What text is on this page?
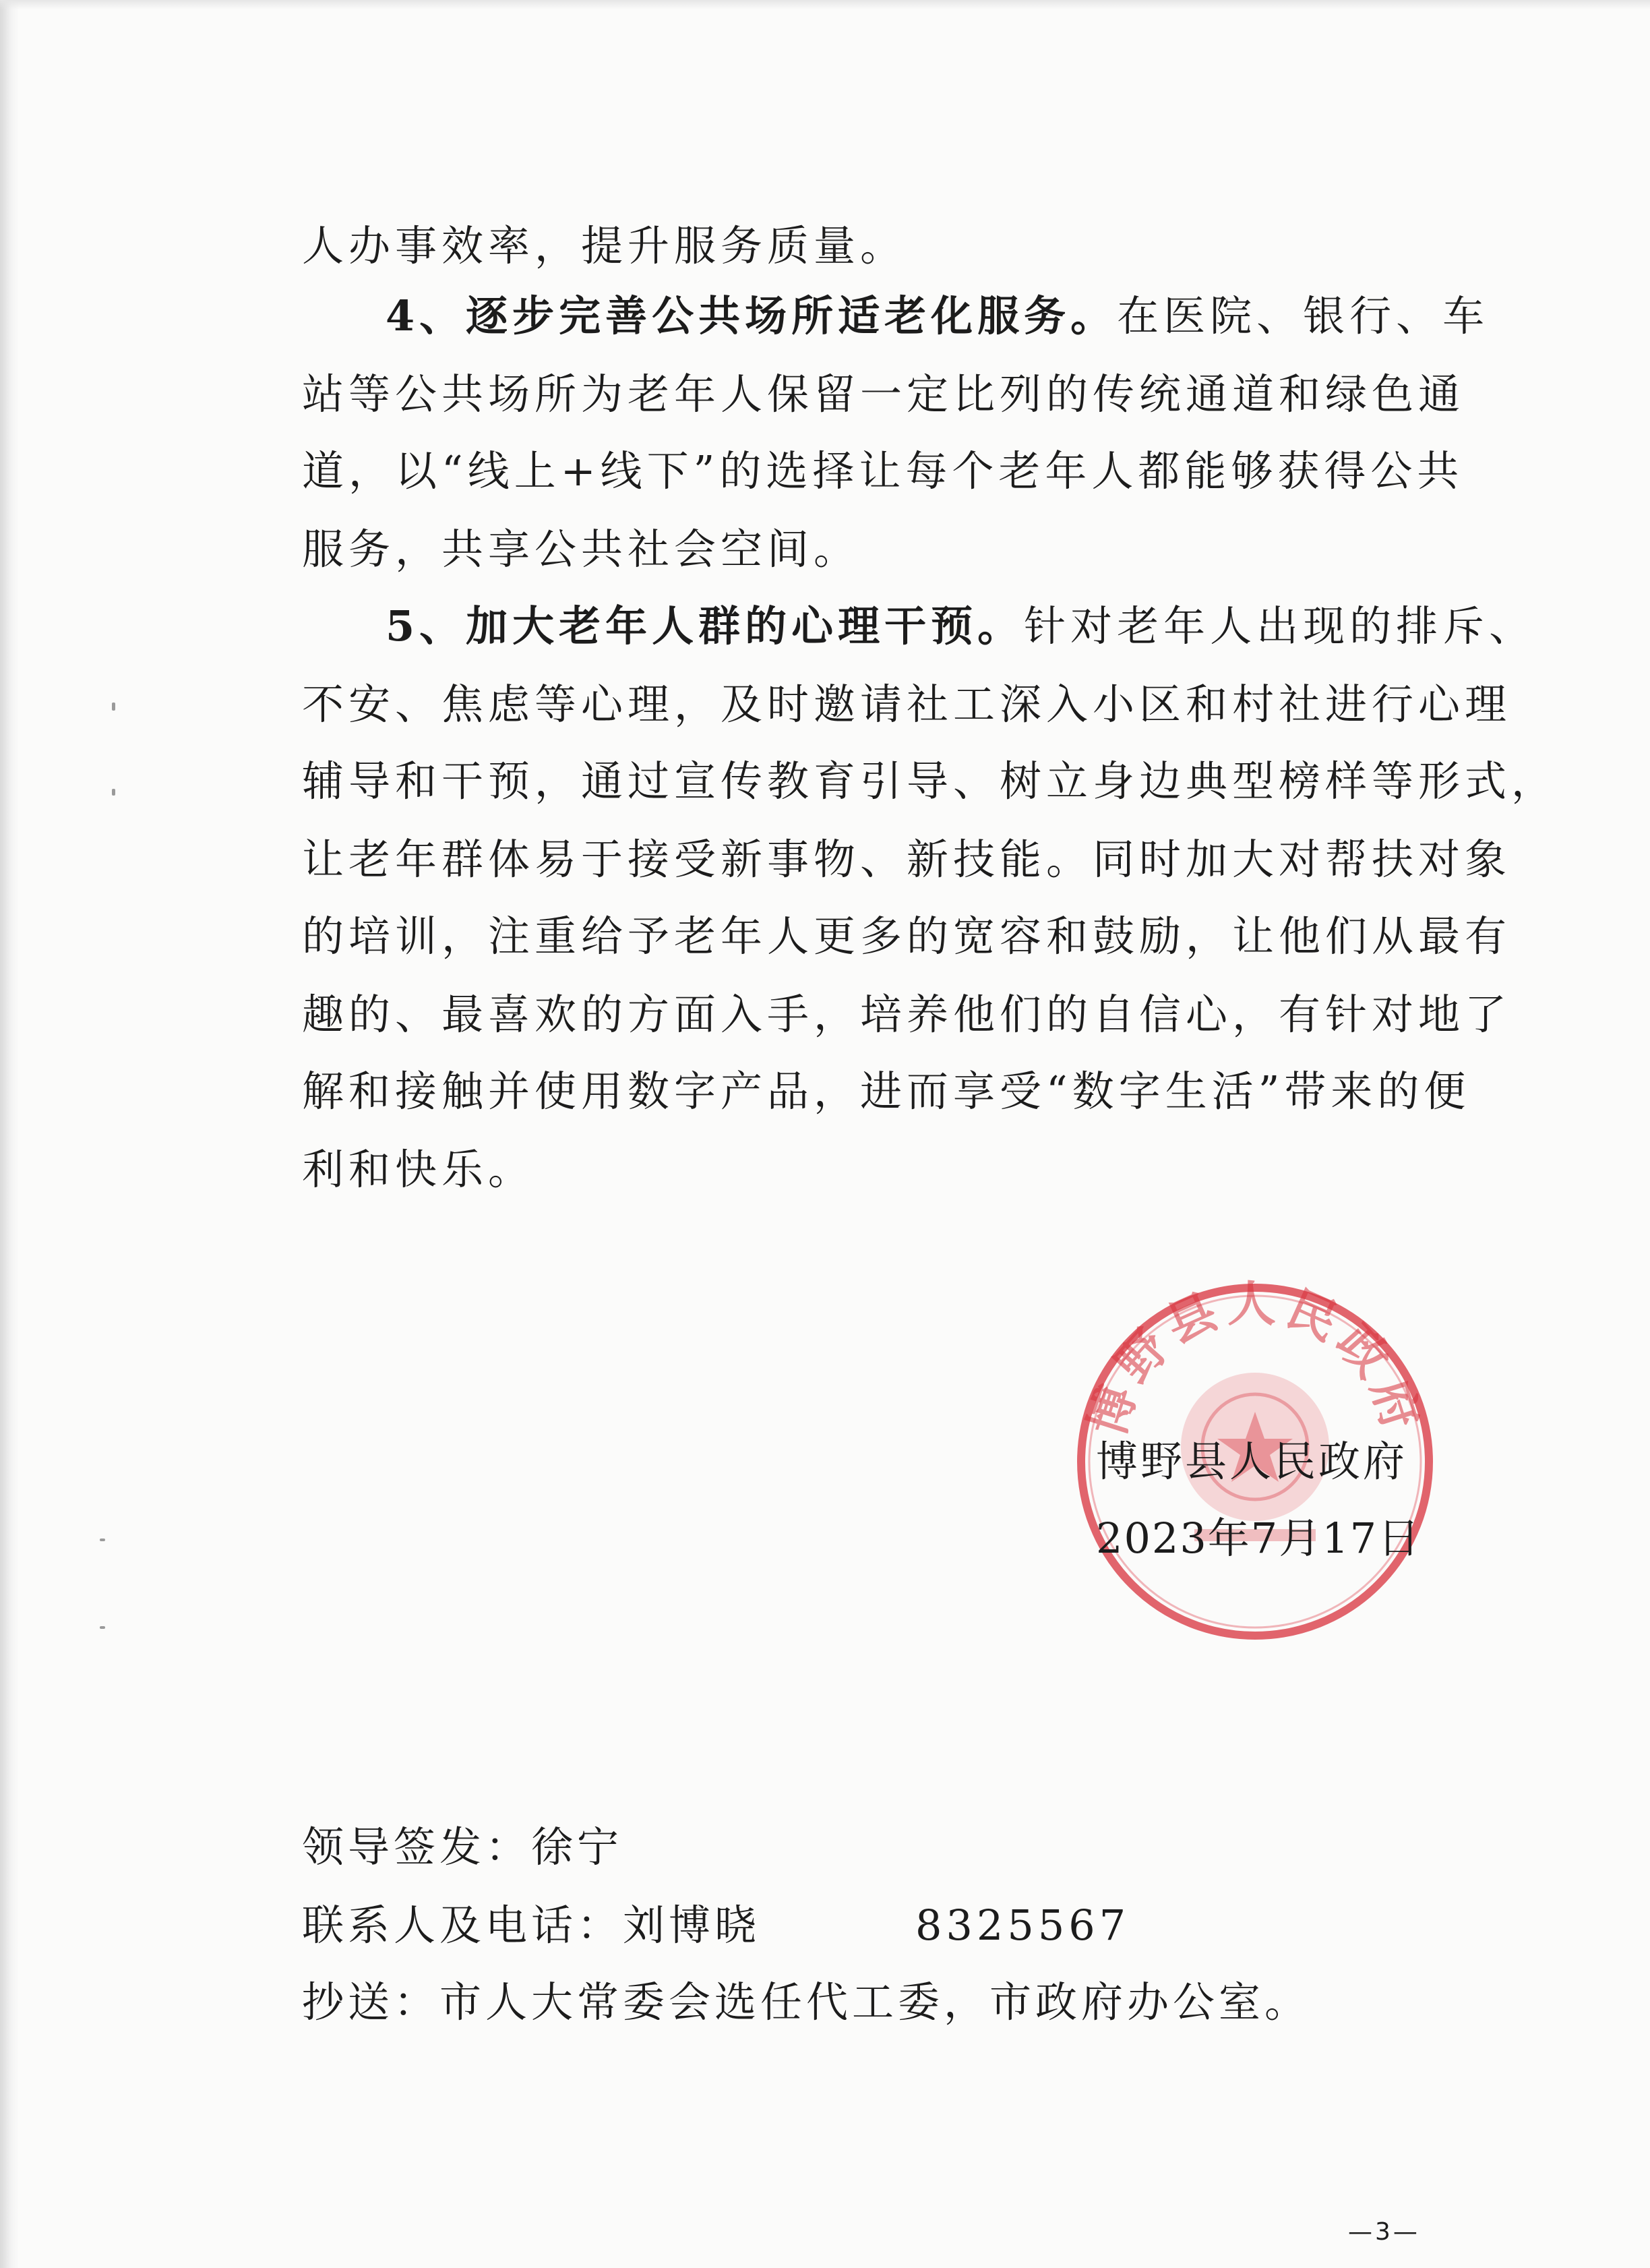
人办事效率，提升服务质量。
4、逐步完善公共场所适老化服务。在医院、银行、车
站等公共场所为老年人保留一定比列的传统通道和绿色通
道，以“线上+线下”的选择让每个老年人都能够获得公共
服务，共享公共社会空间。
5、加大老年人群的心理干预。针对老年人出现的排斥、
不安、焦虑等心理，及时邀请社工深入小区和村社进行心理
辅导和干预，通过宣传教育引导、树立身边典型榜样等形式，
让老年群体易于接受新事物、新技能。同时加大对帮扶对象
的培训，注重给予老年人更多的宽容和鼓励，让他们从最有
趣的、最喜欢的方面入手，培养他们的自信心，有针对地了
解和接触并使用数字产品，进而享受“数字生活”带来的便
利和快乐。
博野县人民政府
博野县人民政府
2023年7月17日
领导签发：徐宁
联系人及电话：刘博晓	8325567
抄送：市人大常委会选任代工委，市政府办公室。
—3—
